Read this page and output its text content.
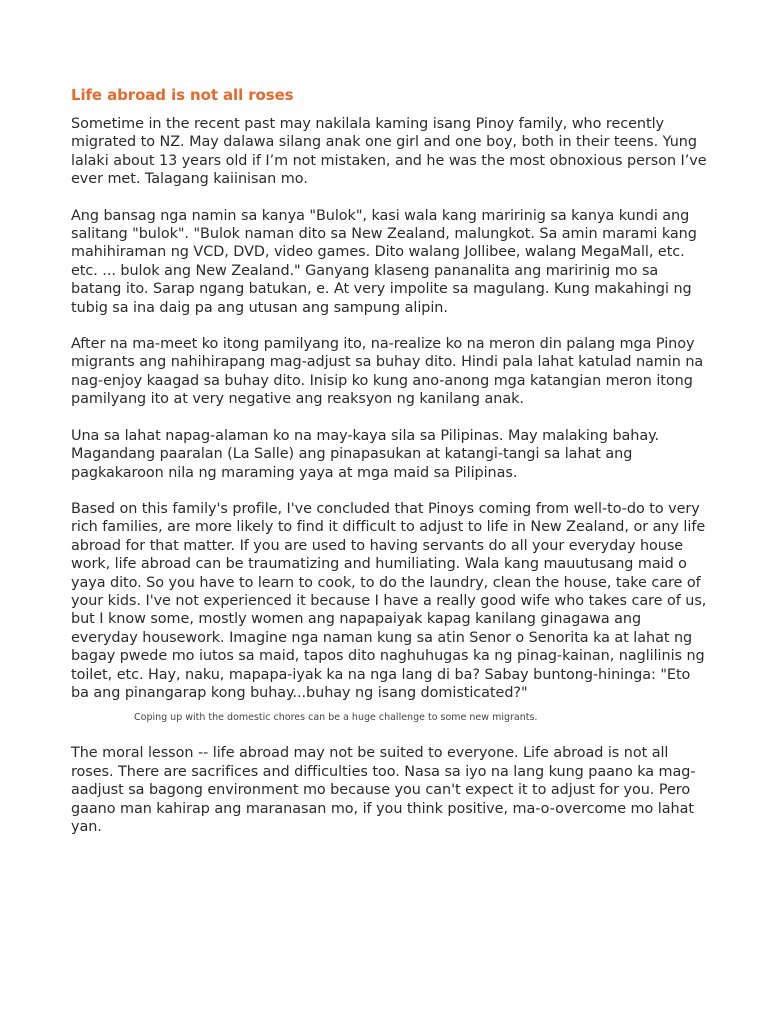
Life abroad is not all roses

Sometime in the recent past may nakilala kaming isang Pinoy family, who recently migrated to NZ. May dalawa silang anak one girl and one boy, both in their teens. Yung lalaki about 13 years old if I’m not mistaken, and he was the most obnoxious person I’ve ever met. Talagang kaiinisan mo.

Ang bansag nga namin sa kanya "Bulok", kasi wala kang maririnig sa kanya kundi ang salitang "bulok". "Bulok naman dito sa New Zealand, malungkot. Sa amin marami kang mahihiraman ng VCD, DVD, video games. Dito walang Jollibee, walang MegaMall, etc. etc. ... bulok ang New Zealand." Ganyang klaseng pananalita ang maririnig mo sa batang ito. Sarap ngang batukan, e. At very impolite sa magulang. Kung makahingi ng tubig sa ina daig pa ang utusan ang sampung alipin.

After na ma-meet ko itong pamilyang ito, na-realize ko na meron din palang mga Pinoy migrants ang nahihirapang mag-adjust sa buhay dito. Hindi pala lahat katulad namin na nag-enjoy kaagad sa buhay dito. Inisip ko kung ano-anong mga katangian meron itong pamilyang ito at very negative ang reaksyon ng kanilang anak.

Una sa lahat napag-alaman ko na may-kaya sila sa Pilipinas. May malaking bahay. Magandang paaralan (La Salle) ang pinapasukan at katangi-tangi sa lahat ang pagkakaroon nila ng maraming yaya at mga maid sa Pilipinas.

Based on this family's profile, I've concluded that Pinoys coming from well-to-do to very rich families, are more likely to find it difficult to adjust to life in New Zealand, or any life abroad for that matter. If you are used to having servants do all your everyday house work, life abroad can be traumatizing and humiliating. Wala kang mauutusang maid o yaya dito. So you have to learn to cook, to do the laundry, clean the house, take care of your kids. I've not experienced it because I have a really good wife who takes care of us, but I know some, mostly women ang napapaiyak kapag kanilang ginagawa ang everyday housework. Imagine nga naman kung sa atin Senor o Senorita ka at lahat ng bagay pwede mo iutos sa maid, tapos dito naghuhugas ka ng pinag-kainan, naglilinis ng toilet, etc. Hay, naku, mapapa-iyak ka na nga lang di ba? Sabay buntong-hininga: "Eto ba ang pinangarap kong buhay...buhay ng isang domisticated?"

Coping up with the domestic chores can be a huge challenge to some new migrants.

The moral lesson -- life abroad may not be suited to everyone. Life abroad is not all roses. There are sacrifices and difficulties too. Nasa sa iyo na lang kung paano ka mag-aadjust sa bagong environment mo because you can't expect it to adjust for you. Pero gaano man kahirap ang maranasan mo, if you think positive, ma-o-overcome mo lahat yan.
